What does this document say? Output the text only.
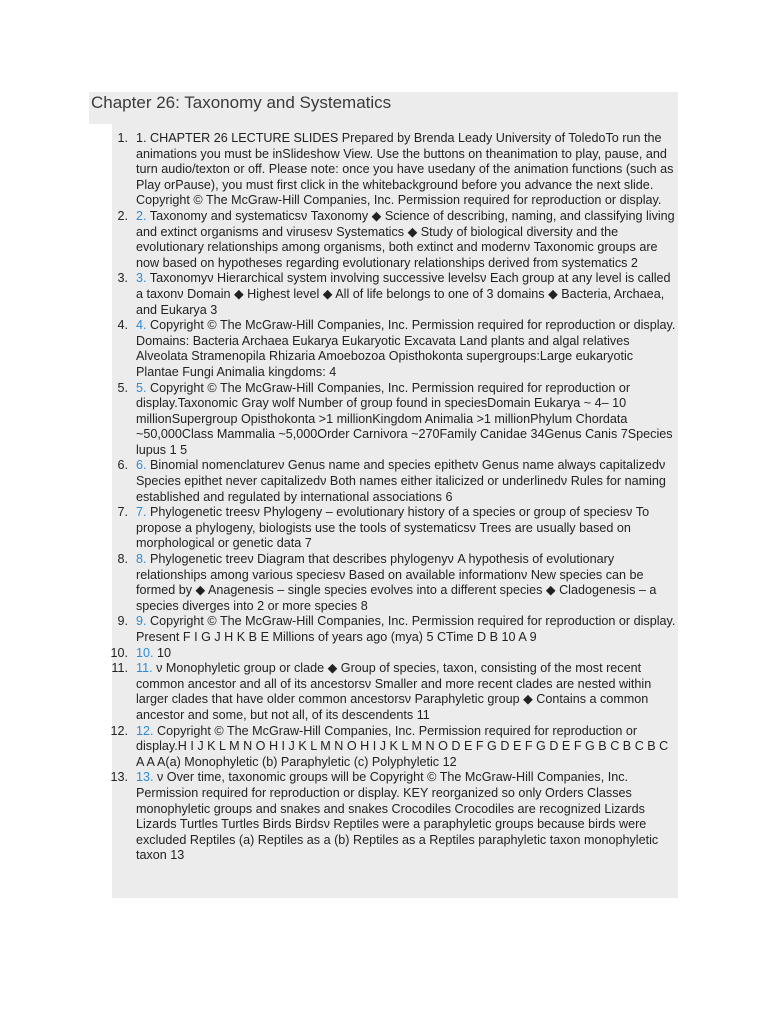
Chapter 26: Taxonomy and Systematics
1. 1. CHAPTER 26 LECTURE SLIDES Prepared by Brenda Leady University of ToledoTo run the animations you must be inSlideshow View. Use the buttons on theanimation to play, pause, and turn audio/texton or off. Please note: once you have usedany of the animation functions (such as Play orPause), you must first click in the whitebackground before you advance the next slide. Copyright © The McGraw-Hill Companies, Inc. Permission required for reproduction or display.
2. 2. Taxonomy and systematicsν Taxonomy ◆ Science of describing, naming, and classifying living and extinct organisms and virusesν Systematics ◆ Study of biological diversity and the evolutionary relationships among organisms, both extinct and modernν Taxonomic groups are now based on hypotheses regarding evolutionary relationships derived from systematics 2
3. 3. Taxonomyν Hierarchical system involving successive levelsν Each group at any level is called a taxonν Domain ◆ Highest level ◆ All of life belongs to one of 3 domains ◆ Bacteria, Archaea, and Eukarya 3
4. 4. Copyright © The McGraw-Hill Companies, Inc. Permission required for reproduction or display. Domains: Bacteria Archaea Eukarya Eukaryotic Excavata Land plants and algal relatives Alveolata Stramenopila Rhizaria Amoebozoa Opisthokonta supergroups:Large eukaryotic Plantae Fungi Animalia kingdoms: 4
5. 5. Copyright © The McGraw-Hill Companies, Inc. Permission required for reproduction or display.Taxonomic Gray wolf Number of group found in speciesDomain Eukarya ~ 4– 10 millionSupergroup Opisthokonta >1 millionKingdom Animalia >1 millionPhylum Chordata ~50,000Class Mammalia ~5,000Order Carnivora ~270Family Canidae 34Genus Canis 7Species lupus 1 5
6. 6. Binomial nomenclatureν Genus name and species epithetν Genus name always capitalizedν Species epithet never capitalizedν Both names either italicized or underlinedν Rules for naming established and regulated by international associations 6
7. 7. Phylogenetic treesν Phylogeny – evolutionary history of a species or group of speciesν To propose a phylogeny, biologists use the tools of systematicsν Trees are usually based on morphological or genetic data 7
8. 8. Phylogenetic treeν Diagram that describes phylogenyν A hypothesis of evolutionary relationships among various speciesν Based on available informationν New species can be formed by ◆ Anagenesis – single species evolves into a different species ◆ Cladogenesis – a species diverges into 2 or more species 8
9. 9. Copyright © The McGraw-Hill Companies, Inc. Permission required for reproduction or display. Present F I G J H K B E Millions of years ago (mya) 5 CTime D B 10 A 9
10. 10. 10
11. 11. ν Monophyletic group or clade ◆ Group of species, taxon, consisting of the most recent common ancestor and all of its ancestorsν Smaller and more recent clades are nested within larger clades that have older common ancestorsν Paraphyletic group ◆ Contains a common ancestor and some, but not all, of its descendents 11
12. 12. Copyright © The McGraw-Hill Companies, Inc. Permission required for reproduction or display.H I J K L M N O H I J K L M N O H I J K L M N O D E F G D E F G D E F G B C B C B C A A A(a) Monophyletic (b) Paraphyletic (c) Polyphyletic 12
13. 13. ν Over time, taxonomic groups will be Copyright © The McGraw-Hill Companies, Inc. Permission required for reproduction or display. KEY reorganized so only Orders Classes monophyletic groups and snakes and snakes Crocodiles Crocodiles are recognized Lizards Lizards Turtles Turtles Birds Birdsν Reptiles were a paraphyletic groups because birds were excluded Reptiles (a) Reptiles as a (b) Reptiles as a Reptiles paraphyletic taxon monophyletic taxon 13
